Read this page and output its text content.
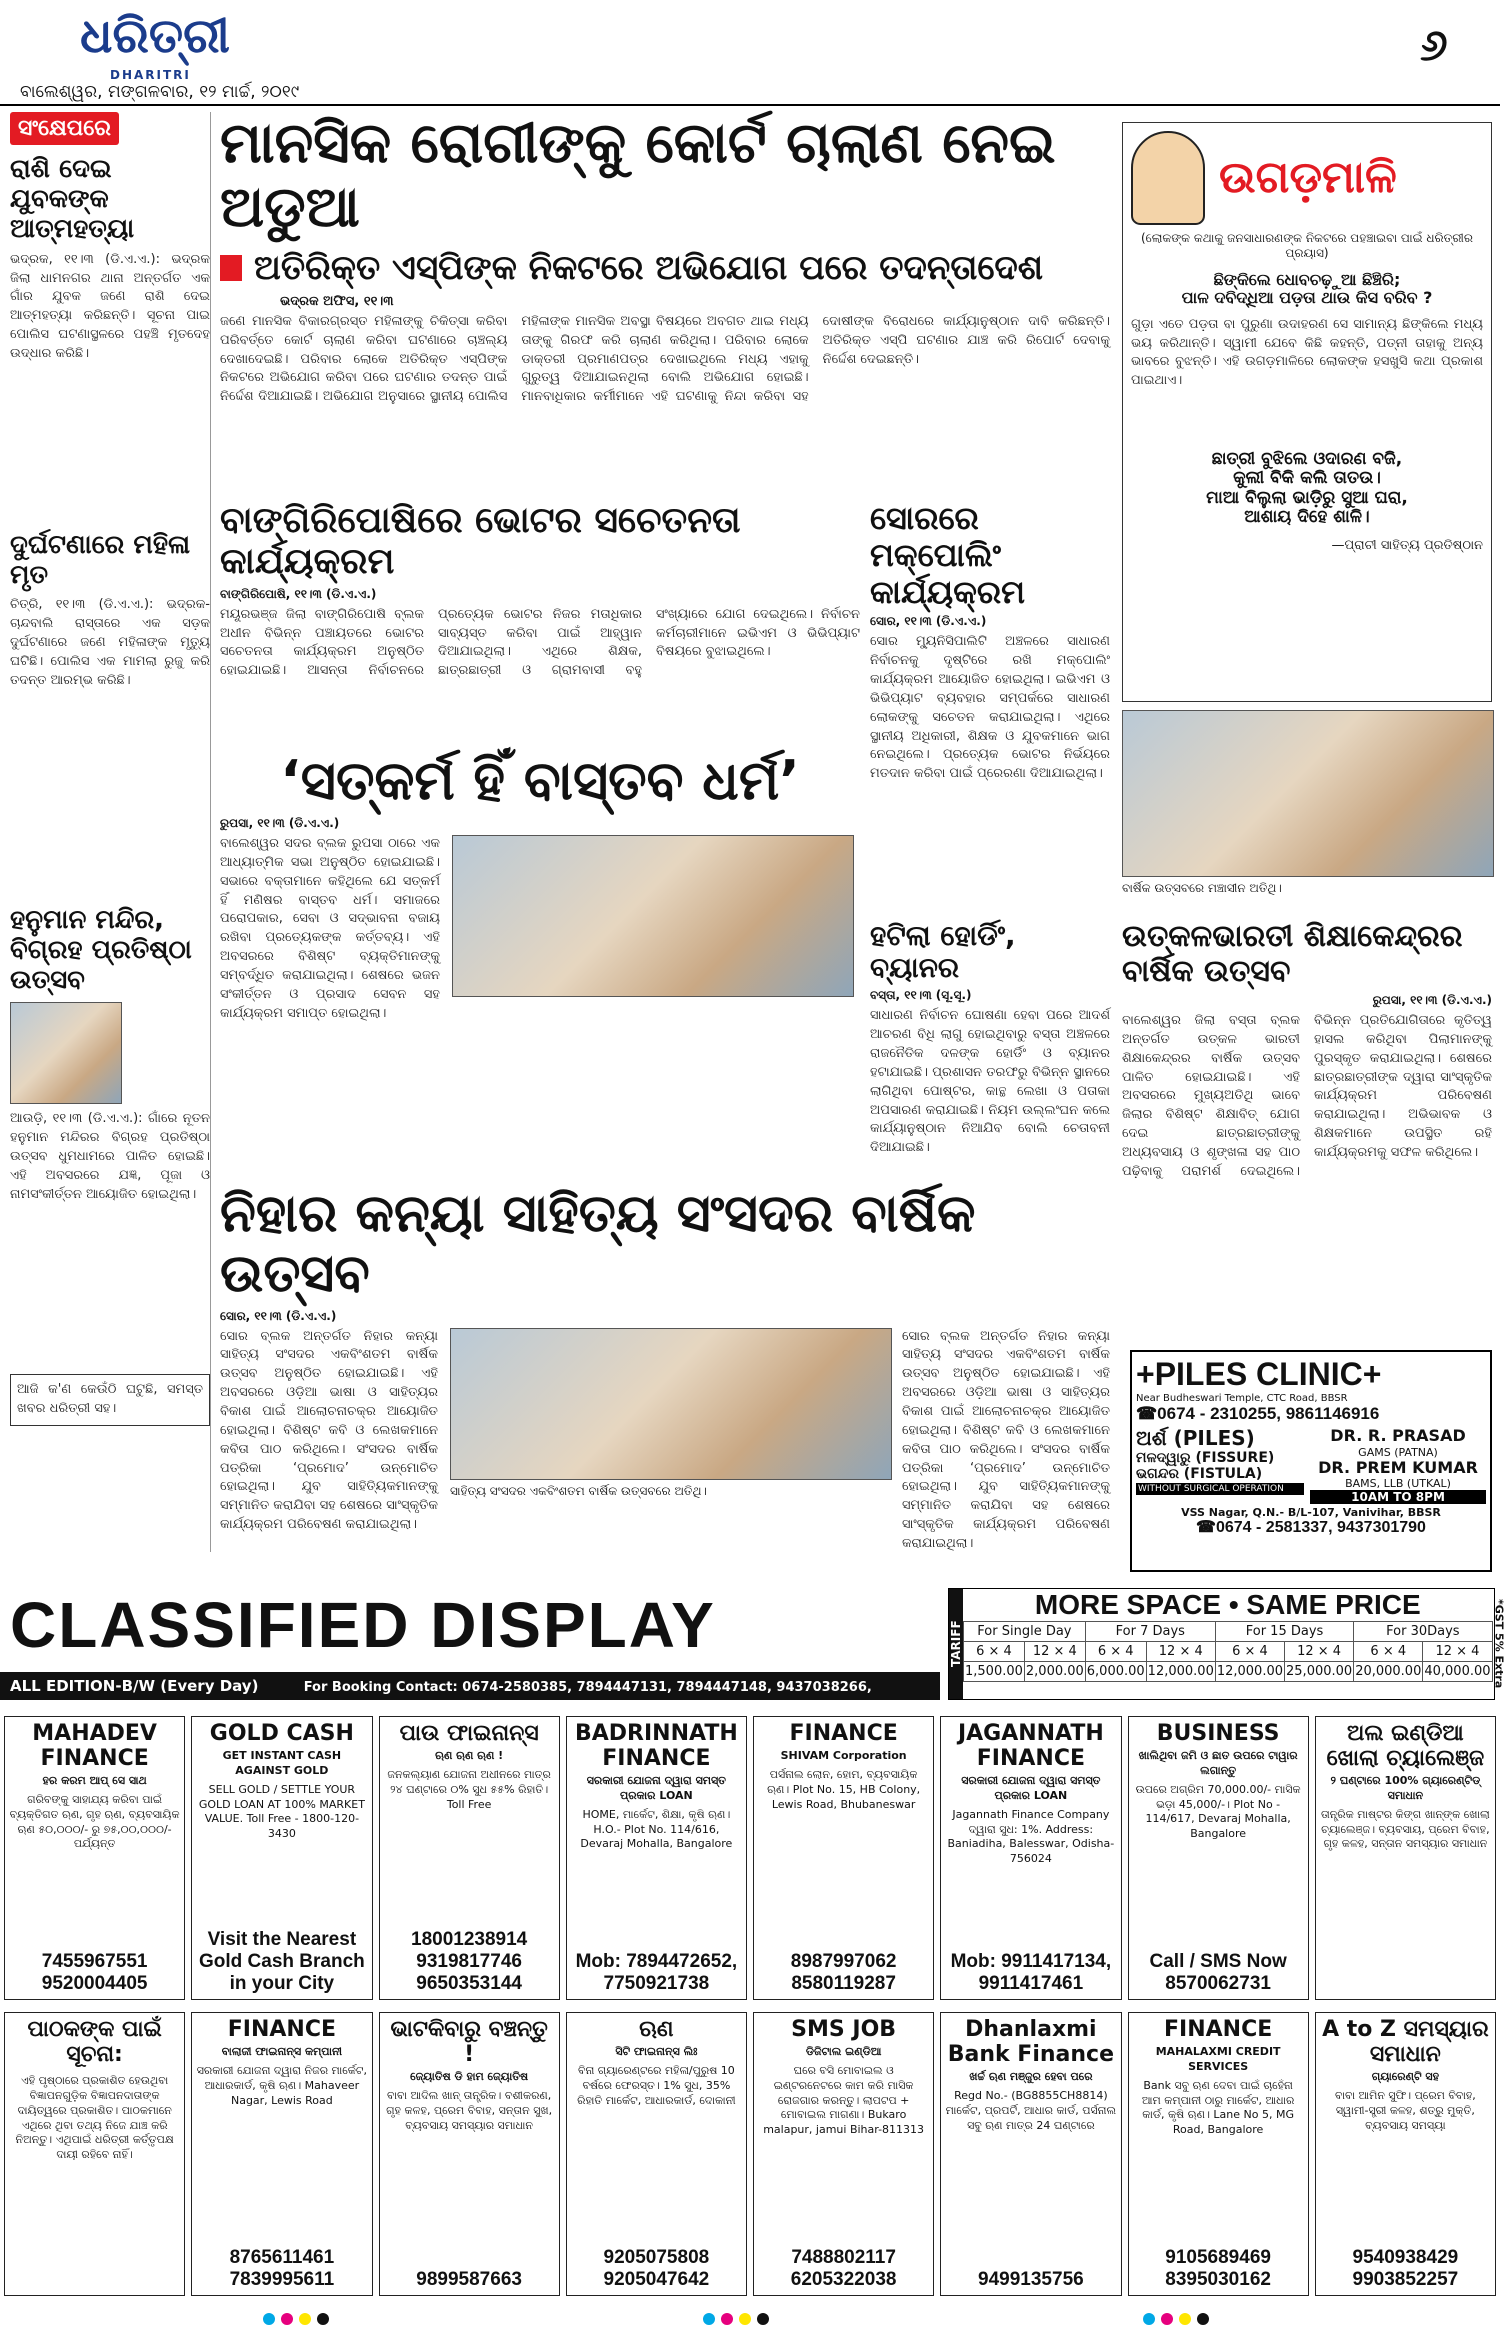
ଧରିତ୍ରୀ
DHARITRI
ବାଲେଶ୍ୱର, ମଙ୍ଗଳବାର, ୧୨ ମାର୍ଚ୍ଚ, ୨୦୧୯
୬
ସଂକ୍ଷେପରେ
ରାଶି ଦେଇ ଯୁବକଙ୍କ ଆତ୍ମହତ୍ୟା
ଭଦ୍ରକ, ୧୧।୩ (ଡି.ଏ.ଏ.): ଭଦ୍ରକ ଜିଲା ଧାମନଗର ଥାନା ଅନ୍ତର୍ଗତ ଏକ ଗାଁର ଯୁବକ ଜଣେ ରାଶି ଦେଇ ଆତ୍ମହତ୍ୟା କରିଛନ୍ତି। ସୂଚନା ପାଇ ପୋଲିସ ଘଟଣାସ୍ଥଳରେ ପହଞ୍ଚି ମୃତଦେହ ଉଦ୍ଧାର କରିଛି।
ଦୁର୍ଘଟଣାରେ ମହିଳା ମୃତ
ଚିତ୍ରି, ୧୧।୩ (ଡି.ଏ.ଏ.): ଭଦ୍ରକ-ଚାନ୍ଦବାଲି ରାସ୍ତାରେ ଏକ ସଡ଼କ ଦୁର୍ଘଟଣାରେ ଜଣେ ମହିଳାଙ୍କ ମୃତ୍ୟୁ ଘଟିଛି। ପୋଲିସ ଏକ ମାମଲା ରୁଜୁ କରି ତଦନ୍ତ ଆରମ୍ଭ କରିଛି।
ହନୁମାନ ମନ୍ଦିର, ବିଗ୍ରହ ପ୍ରତିଷ୍ଠା ଉତ୍ସବ
ଆଉଡ଼ି, ୧୧।୩ (ଡି.ଏ.ଏ.): ଗାଁରେ ନୂତନ ହନୁମାନ ମନ୍ଦିରର ବିଗ୍ରହ ପ୍ରତିଷ୍ଠା ଉତ୍ସବ ଧୁମଧାମରେ ପାଳିତ ହୋଇଛି। ଏହି ଅବସରରେ ଯଜ୍ଞ, ପୂଜା ଓ ନାମସଂକୀର୍ତ୍ତନ ଆୟୋଜିତ ହୋଇଥିଲା।
ଆଜି କ'ଣ କେଉଁଠି ଘଟୁଛି, ସମସ୍ତ ଖବର ଧରିତ୍ରୀ ସହ।
ମାନସିକ ରୋଗୀଙ୍କୁ କୋର୍ଟ ଚାଲାଣ ନେଇ ଅଡୁଆ
ଅତିରିକ୍ତ ଏସ୍‌ପିଙ୍କ ନିକଟରେ ଅଭିଯୋଗ ପରେ ତଦନ୍ତାଦେଶ
ଭଦ୍ରକ ଅଫିସ, ୧୧।୩
ଜଣେ ମାନସିକ ବିକାରଗ୍ରସ୍ତ ମହିଳାଙ୍କୁ ଚିକିତ୍ସା କରିବା ପରିବର୍ତ୍ତେ କୋର୍ଟ ଚାଲାଣ କରିବା ଘଟଣାରେ ଚାଞ୍ଚଲ୍ୟ ଦେଖାଦେଇଛି। ପରିବାର ଲୋକେ ଅତିରିକ୍ତ ଏସ୍‌ପିଙ୍କ ନିକଟରେ ଅଭିଯୋଗ କରିବା ପରେ ଘଟଣାର ତଦନ୍ତ ପାଇଁ ନିର୍ଦ୍ଦେଶ ଦିଆଯାଇଛି। ଅଭିଯୋଗ ଅନୁସାରେ ସ୍ଥାନୀୟ ପୋଲିସ ମହିଳାଙ୍କ ମାନସିକ ଅବସ୍ଥା ବିଷୟରେ ଅବଗତ ଥାଇ ମଧ୍ୟ ତାଙ୍କୁ ଗିରଫ କରି ଚାଲାଣ କରିଥିଲା। ପରିବାର ଲୋକେ ଡାକ୍ତରୀ ପ୍ରମାଣପତ୍ର ଦେଖାଇଥିଲେ ମଧ୍ୟ ଏହାକୁ ଗୁରୁତ୍ୱ ଦିଆଯାଇନଥିଲା ବୋଲି ଅଭିଯୋଗ ହୋଇଛି। ମାନବାଧିକାର କର୍ମୀମାନେ ଏହି ଘଟଣାକୁ ନିନ୍ଦା କରିବା ସହ ଦୋଷୀଙ୍କ ବିରୋଧରେ କାର୍ଯ୍ୟାନୁଷ୍ଠାନ ଦାବି କରିଛନ୍ତି। ଅତିରିକ୍ତ ଏସ୍‌ପି ଘଟଣାର ଯାଞ୍ଚ କରି ରିପୋର୍ଟ ଦେବାକୁ ନିର୍ଦ୍ଦେଶ ଦେଇଛନ୍ତି।
ଉଗଡ଼ମାଳି
(ଲୋକଙ୍କ କଥାକୁ ଜନସାଧାରଣଙ୍କ ନିକଟରେ ପହଞ୍ଚାଇବା ପାଇଁ ଧରିତ୍ରୀର ପ୍ରୟାସ)
ଛିଙ୍କିଲେ ଧୋବଚଢ଼ୁଆ ଛିଞ୍ଚିରି;
ପାଳ ଦବିଦ୍ଧିଆ ପଡ଼ତା ଥାଉ କିସ ବରିବ ?
ଗୁଡ଼ା ଏତେ ପଡ଼ତା ବା ପୁରୁଣା ଉଦାହରଣ ସେ ସାମାନ୍ୟ ଛିଙ୍କିଲେ ମଧ୍ୟ ଭୟ କରିଥାନ୍ତି। ସ୍ୱାମୀ ଯେବେ କିଛି କହନ୍ତି, ପତ୍ନୀ ତାହାକୁ ଅନ୍ୟ ଭାବରେ ବୁଝନ୍ତି। ଏହି ଉଗଡ଼ମାଳିରେ ଲୋକଙ୍କ ହସଖୁସି କଥା ପ୍ରକାଶ ପାଇଥାଏ।
ଛାତ୍ରୀ ବୁଝିଲେ ଓଦାରଣ ବଜି,
କୁଲୀ ବିକି କଲି ତାତଉ।
ମାଆ ବିଲୁଲା ଭାଡ଼ିରୁ ସୁଆ ଘରା,
ଆଶାୟ ଦିହେ ଶାଳି।
—ପ୍ରାଚୀ ସାହିତ୍ୟ ପ୍ରତିଷ୍ଠାନ
ବାଙ୍ଗିରିପୋଷିରେ ଭୋଟର ସଚେତନତା କାର୍ଯ୍ୟକ୍ରମ
ବାଙ୍ଗିରିପୋଷି, ୧୧।୩ (ଡି.ଏ.ଏ.)
ମୟୂରଭଞ୍ଜ ଜିଲା ବାଙ୍ଗିରିପୋଷି ବ୍ଲକ ଅଧୀନ ବିଭିନ୍ନ ପଞ୍ଚାୟତରେ ଭୋଟର ସଚେତନତା କାର୍ଯ୍ୟକ୍ରମ ଅନୁଷ୍ଠିତ ହୋଇଯାଇଛି। ଆସନ୍ତା ନିର୍ବାଚନରେ ପ୍ରତ୍ୟେକ ଭୋଟର ନିଜର ମତାଧିକାର ସାବ୍ୟସ୍ତ କରିବା ପାଇଁ ଆହ୍ୱାନ ଦିଆଯାଇଥିଲା। ଏଥିରେ ଶିକ୍ଷକ, ଛାତ୍ରଛାତ୍ରୀ ଓ ଗ୍ରାମବାସୀ ବହୁ ସଂଖ୍ୟାରେ ଯୋଗ ଦେଇଥିଲେ। ନିର୍ବାଚନ କର୍ମଚାରୀମାନେ ଇଭିଏମ ଓ ଭିଭିପ୍ୟାଟ ବିଷୟରେ ବୁଝାଇଥିଲେ।
ସୋରରେ ମକ୍‌ପୋଲିଂ କାର୍ଯ୍ୟକ୍ରମ
ସୋର, ୧୧।୩ (ଡି.ଏ.ଏ.)
ସୋର ମ୍ୟୁନିସିପାଲିଟି ଅଞ୍ଚଳରେ ସାଧାରଣ ନିର୍ବାଚନକୁ ଦୃଷ୍ଟିରେ ରଖି ମକ୍‌ପୋଲିଂ କାର୍ଯ୍ୟକ୍ରମ ଆୟୋଜିତ ହୋଇଥିଲା। ଇଭିଏମ ଓ ଭିଭିପ୍ୟାଟ ବ୍ୟବହାର ସମ୍ପର୍କରେ ସାଧାରଣ ଲୋକଙ୍କୁ ସଚେତନ କରାଯାଇଥିଲା। ଏଥିରେ ସ୍ଥାନୀୟ ଅଧିକାରୀ, ଶିକ୍ଷକ ଓ ଯୁବକମାନେ ଭାଗ ନେଇଥିଲେ। ପ୍ରତ୍ୟେକ ଭୋଟର ନିର୍ଭୟରେ ମତଦାନ କରିବା ପାଇଁ ପ୍ରେରଣା ଦିଆଯାଇଥିଲା।
‘ସତ୍‌କର୍ମ ହିଁ ବାସ୍ତବ ଧର୍ମ’
ରୁପସା, ୧୧।୩ (ଡି.ଏ.ଏ.)
ବାଲେଶ୍ୱର ସଦର ବ୍ଲକ ରୁପସା ଠାରେ ଏକ ଆଧ୍ୟାତ୍ମିକ ସଭା ଅନୁଷ୍ଠିତ ହୋଇଯାଇଛି। ସଭାରେ ବକ୍ତାମାନେ କହିଥିଲେ ଯେ ସତ୍‌କର୍ମ ହିଁ ମଣିଷର ବାସ୍ତବ ଧର୍ମ। ସମାଜରେ ପରୋପକାର, ସେବା ଓ ସଦ୍‌ଭାବନା ବଜାୟ ରଖିବା ପ୍ରତ୍ୟେକଙ୍କ କର୍ତ୍ତବ୍ୟ। ଏହି ଅବସରରେ ବିଶିଷ୍ଟ ବ୍ୟକ୍ତିମାନଙ୍କୁ ସମ୍ବର୍ଦ୍ଧିତ କରାଯାଇଥିଲା। ଶେଷରେ ଭଜନ ସଂକୀର୍ତ୍ତନ ଓ ପ୍ରସାଦ ସେବନ ସହ କାର୍ଯ୍ୟକ୍ରମ ସମାପ୍ତ ହୋଇଥିଲା।
ହଟିଲା ହୋର୍ଡିଂ, ବ୍ୟାନର
ବସ୍ତା, ୧୧।୩ (ସୂ.ସୂ.)
ସାଧାରଣ ନିର୍ବାଚନ ଘୋଷଣା ହେବା ପରେ ଆଦର୍ଶ ଆଚରଣ ବିଧି ଲାଗୁ ହୋଇଥିବାରୁ ବସ୍ତା ଅଞ୍ଚଳରେ ରାଜନୈତିକ ଦଳଙ୍କ ହୋର୍ଡିଂ ଓ ବ୍ୟାନର ହଟାଯାଇଛି। ପ୍ରଶାସନ ତରଫରୁ ବିଭିନ୍ନ ସ୍ଥାନରେ ଲାଗିଥିବା ପୋଷ୍ଟର, କାନ୍ଥ ଲେଖା ଓ ପତାକା ଅପସାରଣ କରାଯାଇଛି। ନିୟମ ଉଲ୍ଲଂଘନ କଲେ କାର୍ଯ୍ୟାନୁଷ୍ଠାନ ନିଆଯିବ ବୋଲି ଚେତାବନୀ ଦିଆଯାଇଛି।
ବାର୍ଷିକ ଉତ୍ସବରେ ମଞ୍ଚାସୀନ ଅତିଥି।
ଉତ୍କଳଭାରତୀ ଶିକ୍ଷାକେନ୍ଦ୍ରର ବାର୍ଷିକ ଉତ୍ସବ
ରୁପସା, ୧୧।୩ (ଡି.ଏ.ଏ.)
ବାଲେଶ୍ୱର ଜିଲା ବସ୍ତା ବ୍ଲକ ଅନ୍ତର୍ଗତ ଉତ୍କଳ ଭାରତୀ ଶିକ୍ଷାକେନ୍ଦ୍ରର ବାର୍ଷିକ ଉତ୍ସବ ପାଳିତ ହୋଇଯାଇଛି। ଏହି ଅବସରରେ ମୁଖ୍ୟଅତିଥି ଭାବେ ଜିଲାର ବିଶିଷ୍ଟ ଶିକ୍ଷାବିତ୍ ଯୋଗ ଦେଇ ଛାତ୍ରଛାତ୍ରୀଙ୍କୁ ଅଧ୍ୟବସାୟ ଓ ଶୃଙ୍ଖଳା ସହ ପାଠ ପଢ଼ିବାକୁ ପରାମର୍ଶ ଦେଇଥିଲେ। ବିଭିନ୍ନ ପ୍ରତିଯୋଗିତାରେ କୃତିତ୍ୱ ହାସଲ କରିଥିବା ପିଲାମାନଙ୍କୁ ପୁରସ୍କୃତ କରାଯାଇଥିଲା। ଶେଷରେ ଛାତ୍ରଛାତ୍ରୀଙ୍କ ଦ୍ୱାରା ସାଂସ୍କୃତିକ କାର୍ଯ୍ୟକ୍ରମ ପରିବେଷଣ କରାଯାଇଥିଲା। ଅଭିଭାବକ ଓ ଶିକ୍ଷକମାନେ ଉପସ୍ଥିତ ରହି କାର୍ଯ୍ୟକ୍ରମକୁ ସଫଳ କରିଥିଲେ।
ନିହାର କନ୍ୟା ସାହିତ୍ୟ ସଂସଦର ବାର୍ଷିକ ଉତ୍ସବ
ସୋର, ୧୧।୩ (ଡି.ଏ.ଏ.)
ସୋର ବ୍ଲକ ଅନ୍ତର୍ଗତ ନିହାର କନ୍ୟା ସାହିତ୍ୟ ସଂସଦର ଏକବିଂଶତମ ବାର୍ଷିକ ଉତ୍ସବ ଅନୁଷ୍ଠିତ ହୋଇଯାଇଛି। ଏହି ଅବସରରେ ଓଡ଼ିଆ ଭାଷା ଓ ସାହିତ୍ୟର ବିକାଶ ପାଇଁ ଆଲୋଚନାଚକ୍ର ଆୟୋଜିତ ହୋଇଥିଲା। ବିଶିଷ୍ଟ କବି ଓ ଲେଖକମାନେ କବିତା ପାଠ କରିଥିଲେ। ସଂସଦର ବାର୍ଷିକ ପତ୍ରିକା ‘ପ୍ରମୋଦ’ ଉନ୍ମୋଚିତ ହୋଇଥିଲା। ଯୁବ ସାହିତ୍ୟିକମାନଙ୍କୁ ସମ୍ମାନିତ କରାଯିବା ସହ ଶେଷରେ ସାଂସ୍କୃତିକ କାର୍ଯ୍ୟକ୍ରମ ପରିବେଷଣ କରାଯାଇଥିଲା।
ସାହିତ୍ୟ ସଂସଦର ଏକବିଂଶତମ ବାର୍ଷିକ ଉତ୍ସବରେ ଅତିଥି।
ସୋର ବ୍ଲକ ଅନ୍ତର୍ଗତ ନିହାର କନ୍ୟା ସାହିତ୍ୟ ସଂସଦର ଏକବିଂଶତମ ବାର୍ଷିକ ଉତ୍ସବ ଅନୁଷ୍ଠିତ ହୋଇଯାଇଛି। ଏହି ଅବସରରେ ଓଡ଼ିଆ ଭାଷା ଓ ସାହିତ୍ୟର ବିକାଶ ପାଇଁ ଆଲୋଚନାଚକ୍ର ଆୟୋଜିତ ହୋଇଥିଲା। ବିଶିଷ୍ଟ କବି ଓ ଲେଖକମାନେ କବିତା ପାଠ କରିଥିଲେ। ସଂସଦର ବାର୍ଷିକ ପତ୍ରିକା ‘ପ୍ରମୋଦ’ ଉନ୍ମୋଚିତ ହୋଇଥିଲା। ଯୁବ ସାହିତ୍ୟିକମାନଙ୍କୁ ସମ୍ମାନିତ କରାଯିବା ସହ ଶେଷରେ ସାଂସ୍କୃତିକ କାର୍ଯ୍ୟକ୍ରମ ପରିବେଷଣ କରାଯାଇଥିଲା।
+PILES CLINIC+
Near Budheswari Temple, CTC Road, BBSR
☎0674 - 2310255, 9861146916
ଅର୍ଶ (PILES)
ମଳଦ୍ୱାରୁ (FISSURE)
ଭଗନ୍ଦର (FISTULA)
WITHOUT SURGICAL OPERATION
DR. R. PRASAD
GAMS (PATNA)
DR. PREM KUMAR
BAMS, LLB (UTKAL)
10AM TO 8PM
VSS Nagar, Q.N.- B/L-107, Vanivihar, BBSR
☎0674 - 2581337, 9437301790
CLASSIFIED DISPLAY
ALL EDITION-B/W (Every Day)	For Booking Contact: 0674-2580385, 7894447131, 7894447148, 9437038266, 7894447166
TARIFF
MORE SPACE • SAME PRICE
For Single Day		For 7 Days		For 15 Days		For 30Days	
6 × 4	12 × 4	6 × 4	12 × 4	6 × 4	12 × 4	6 × 4	12 × 4
1,500.00	2,000.00	6,000.00	12,000.00	12,000.00	25,000.00	20,000.00	40,000.00 *GST 5% Extra
MAHADEV FINANCE
ହର କରମ ଆପ୍ ସେ ସାଥ
ଗରିବଙ୍କୁ ସାହାଯ୍ୟ କରିବା ପାଇଁ ବ୍ୟକ୍ତିଗତ ଋଣ, ଗୃହ ଋଣ, ବ୍ୟବସାୟିକ ଋଣ ୫୦,୦୦୦/- ରୁ ୭୫,୦୦,୦୦୦/- ପର୍ଯ୍ୟନ୍ତ
7455967551 9520004405
GOLD CASH
GET INSTANT CASH AGAINST GOLD
SELL GOLD / SETTLE YOUR GOLD LOAN AT 100% MARKET VALUE. Toll Free - 1800-120-3430
Visit the Nearest Gold Cash Branch in your City
ପାଉ ଫାଇନାନ୍ସ
ଋଣ ଋଣ ଋଣ !
ଜନକଲ୍ୟାଣ ଯୋଜନା ଅଧୀନରେ ମାତ୍ର ୨୪ ଘଣ୍ଟାରେ ୦% ସୁଧ ୫୫% ରିହାତି। Toll Free
18001238914 9319817746 9650353144
BADRINNATH FINANCE
ସରକାରୀ ଯୋଜନା ଦ୍ୱାରା ସମସ୍ତ ପ୍ରକାର LOAN
HOME, ମାର୍କେଟ, ଶିକ୍ଷା, କୃଷି ଋଣ। H.O.- Plot No. 114/616, Devaraj Mohalla, Bangalore
Mob: 7894472652, 7750921738
FINANCE
SHIVAM Corporation
ପର୍ସନାଲ ଲୋନ, ହୋମ, ବ୍ୟବସାୟିକ ଋଣ। Plot No. 15, HB Colony, Lewis Road, Bhubaneswar
8987997062 8580119287
JAGANNATH FINANCE
ସରକାରୀ ଯୋଜନା ଦ୍ୱାରା ସମସ୍ତ ପ୍ରକାର LOAN
Jagannath Finance Company ଦ୍ୱାରା ସୁଧ: 1%. Address: Baniadiha, Balesswar, Odisha-756024
Mob: 9911417134, 9911417461
BUSINESS
ଖାଲିଥିବା ଜମି ଓ ଛାତ ଉପରେ ଟାୱାର ଲଗାନ୍ତୁ
ଉପରେ ଅଗ୍ରିମ 70,000.00/- ମାସିକ ଭଡ଼ା 45,000/-। Plot No - 114/617, Devaraj Mohalla, Bangalore
Call / SMS Now 8570062731
ଅଲ ଇଣ୍ଡିଆ ଖୋଲା ଚ୍ୟାଲେଞ୍ଜ
୨ ଘଣ୍ଟାରେ 100% ଗ୍ୟାରେଣ୍ଟିଡ୍ ସମାଧାନ
ତାନ୍ତ୍ରିକ ମାଷ୍ଟର କିଙ୍ଗ ଖାନ୍‌ଙ୍କ ଖୋଲା ଚ୍ୟାଲେଞ୍ଜ। ବ୍ୟବସାୟ, ପ୍ରେମ ବିବାହ, ଗୃହ କଳହ, ସନ୍ତାନ ସମସ୍ୟାର ସମାଧାନ
ପାଠକଙ୍କ ପାଇଁ ସୂଚନା:
ଏହି ପୃଷ୍ଠାରେ ପ୍ରକାଶିତ ହେଉଥିବା ବିଜ୍ଞାପନଗୁଡ଼ିକ ବିଜ୍ଞାପନଦାତାଙ୍କ ଦାୟିତ୍ୱରେ ପ୍ରକାଶିତ। ପାଠକମାନେ ଏଥିରେ ଥିବା ତଥ୍ୟ ନିଜେ ଯାଞ୍ଚ କରି ନିଅନ୍ତୁ। ଏଥିପାଇଁ ଧରିତ୍ରୀ କର୍ତ୍ତୃପକ୍ଷ ଦାୟୀ ରହିବେ ନାହିଁ।
FINANCE
ବାଲାଜୀ ଫାଇନାନ୍ସ କମ୍ପାନୀ
ସରକାରୀ ଯୋଜନା ଦ୍ୱାରା ନିଜର ମାର୍କେଟ, ଆଧାରକାର୍ଡ, କୃଷି ଋଣ। Mahaveer Nagar, Lewis Road
8765611461 7839995611
ଭାଟକିବାରୁ ବଞ୍ଚନ୍ତୁ !
ଜ୍ୟୋତିଷ ଡି ହାମ ଜ୍ୟୋତିଷ
ବାବା ଆଦିଲ ଖାନ୍ ତାନ୍ତ୍ରିକ। ବଶୀକରଣ, ଗୃହ କଳହ, ପ୍ରେମ ବିବାହ, ସନ୍ତାନ ସୁଖ, ବ୍ୟବସାୟ ସମସ୍ୟାର ସମାଧାନ
9899587663
ଋଣ
ସିଟି ଫାଇନାନ୍ସ ଲିଃ
ବିନା ଗ୍ୟାରେଣ୍ଟରେ ମହିଳା/ପୁରୁଷ 10 ବର୍ଷରେ ଫେରସ୍ତ। 1% ସୁଧ, 35% ରିହାତି ମାର୍କେଟ, ଆଧାରକାର୍ଡ, ଦୋକାନୀ
9205075808 9205047642
SMS JOB
ଡିଜିଟାଲ ଇଣ୍ଡିଆ
ଘରେ ବସି ମୋବାଇଲ ଓ ଇଣ୍ଟରନେଟରେ କାମ କରି ମାସିକ ରୋଜଗାର କରନ୍ତୁ। ଲାପଟପ + ମୋବାଇଲ ମାଗଣା। Bukaro malapur, jamui Bihar-811313
7488802117 6205322038
Dhanlaxmi Bank Finance
ଖର୍ଚ୍ଚ ଋଣ ମଞ୍ଜୁର ହେବା ପରେ
Regd No.- (BG8855CH8814) ମାର୍କେଟ, ପ୍ରପର୍ଟି, ଆଧାର କାର୍ଡ, ପର୍ସନାଲ ସବୁ ଋଣ ମାତ୍ର 24 ଘଣ୍ଟାରେ
9499135756
FINANCE
MAHALAXMI CREDIT SERVICES
Bank ସବୁ ଋଣ ଦେବା ପାଇଁ ଚାହେଁନା ଆମ କମ୍ପାନୀ ଠାରୁ ମାର୍କେଟ, ଆଧାର କାର୍ଡ, କୃଷି ଋଣ। Lane No 5, MG Road, Bangalore
9105689469 8395030162
A to Z ସମସ୍ୟାର ସମାଧାନ
ଗ୍ୟାରେଣ୍ଟି ସହ
ବାବା ଆମିନ ସୁଫି। ପ୍ରେମ ବିବାହ, ସ୍ୱାମୀ-ସ୍ତ୍ରୀ କଳହ, ଶତ୍ରୁ ମୁକ୍ତି, ବ୍ୟବସାୟ ସମସ୍ୟା
9540938429 9903852257
